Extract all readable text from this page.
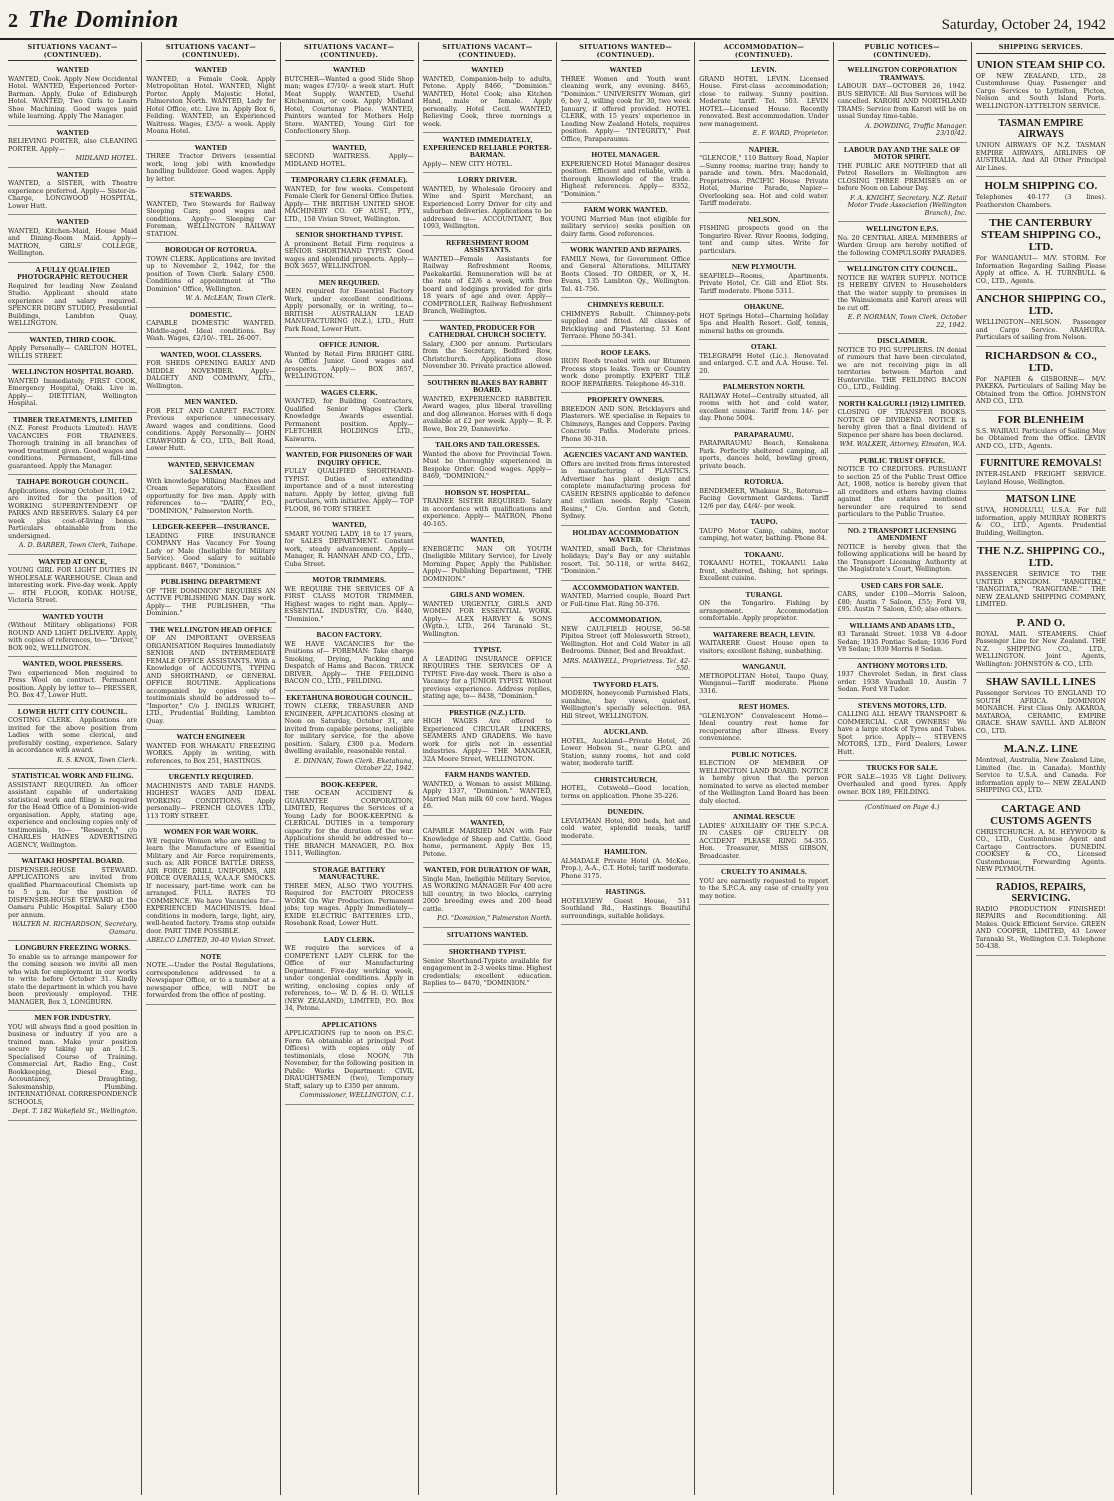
2 The Dominion	Saturday, October 24, 1942
SITUATIONS VACANT—(CONTINUED).
WANTED
WANTED, Cook. Apply New Occidental Hotel. WANTED, Experienced Porter-Barman. Apply, Duke of Edinburgh Hotel. WANTED, Two Girls to Learn Shoe Machining. Good wages paid while learning. Apply The Manager.
WANTED
RELIEVING PORTER, also CLEANING PORTER. Apply—
MIDLAND HOTEL.
WANTED
WANTED, a SISTER, with Theatre experience preferred. Apply— Sister-in-Charge, LONGWOOD HOSPITAL, Lower Hutt.
WANTED
WANTED, Kitchen-Maid, House Maid and Dining-Room Maid. Apply— MATRON, GIRLS' COLLEGE, Wellington.
A FULLY QUALIFIED PHOTOGRAPHIC RETOUCHER
Required for leading New Zealand Studio. Applicant should state experience and salary required. SPENCER DIGBY STUDIO, Presidential Buildings, Lambton Quay, WELLINGTON.
WANTED, THIRD COOK.
Apply Personally— CARLTON HOTEL, WILLIS STREET.
WELLINGTON HOSPITAL BOARD.
WANTED Immediately, FIRST COOK, Emergency Hospital, Otaki. Live in. Apply— DIETITIAN, Wellington Hospital.
TIMBER TREATMENTS, LIMITED
(N.Z. Forest Products Limited). HAVE VACANCIES FOR TRAINEES. Thorough training in all branches of wood treatment given. Good wages and conditions. Permanent, full-time guaranteed. Apply the Manager.
TAIHAPE BOROUGH COUNCIL.
Applications, closing October 31, 1942, are invited for the position of WORKING SUPERINTENDENT OF PARKS AND RESERVES. Salary £4 per week plus cost-of-living bonus. Particulars obtainable from the undersigned.
A. D. BARBER, Town Clerk, Taihape.
WANTED AT ONCE,
YOUNG GIRL FOR LIGHT DUTIES IN WHOLESALE WAREHOUSE. Clean and interesting work. Five-day week. Apply— 8TH FLOOR, KODAK HOUSE, Victoria Street.
WANTED YOUTH
(Without Military obligations) FOR ROUND AND LIGHT DELIVERY. Apply, with copies of references, to— "Driver," BOX 902, WELLINGTON.
WANTED, WOOL PRESSERS.
Two experienced Men required to Press Wool on contract. Permanent position. Apply by letter to— PRESSER, P.O. Box 47, Lower Hutt.
LOWER HUTT CITY COUNCIL.
COSTING CLERK. Applications are invited for the above position from Ladies with some clerical, and preferably costing, experience. Salary in accordance with award.
R. S. KNOX, Town Clerk.
STATISTICAL WORK AND FILING.
ASSISTANT REQUIRED. An officer assistant capable of undertaking statistical work and filing is required for the Head Office of a Dominion-wide organisation. Apply, stating age, experience and enclosing copies only of testimonials, to— "Research," c/o CHARLES HAINES ADVERTISING AGENCY, Wellington.
WAITAKI HOSPITAL BOARD.
DISPENSER-HOUSE STEWARD. APPLICATIONS are invited from qualified Pharmaceutical Chemists up to 5 p.m. for the position of DISPENSER-HOUSE STEWARD at the Oamaru Public Hospital. Salary £500 per annum.
WALTER M. RICHARDSON, Secretary. Oamaru.
LONGBURN FREEZING WORKS.
To enable us to arrange manpower for the coming season we invite all men who wish for employment in our works to write before October 31. Kindly state the department in which you have been previously employed. THE MANAGER, Box 3, LONGBURN.
MEN FOR INDUSTRY.
YOU will always find a good position in business or industry if you are a trained man. Make your position secure by taking up an I.C.S. Specialised Course of Training. Commercial Art, Radio Eng., Cost Bookkeeping, Diesel Eng., Accountancy, Draughting, Salesmanship, Plumbing. INTERNATIONAL CORRESPONDENCE SCHOOLS,
Dept. T. 182 Wakefield St., Wellington.
SITUATIONS VACANT—(CONTINUED).
WANTED
WANTED, a Female Cook. Apply Metropolitan Hotel. WANTED, Night Porter. Apply Majestic Hotel, Palmerston North. WANTED, Lady for Hotel Office, etc. Live in. Apply Box 6, Feilding. WANTED, an Experienced Waitress. Wages, £3/5/- a week. Apply Moana Hotel.
WANTED
THREE Tractor Drivers (essential work, long job) with knowledge handling bulldozer. Good wages. Apply by letter.
STEWARDS.
WANTED, Two Stewards for Railway Sleeping Cars; good wages and conditions. Apply— Sleeping Car Foreman, WELLINGTON RAILWAY STATION.
BOROUGH OF ROTORUA.
TOWN CLERK. Applications are invited up to November 2, 1942, for the position of Town Clerk. Salary £500. Conditions of appointment at "The Dominion" Office, Wellington.
W. A. McLEAN, Town Clerk.
DOMESTIC.
CAPABLE DOMESTIC WANTED. Middle-aged. Ideal conditions. Bay Wash. Wages, £2/10/-. TEL. 26-007.
WANTED, WOOL CLASSERS.
FOR SHEDS OPENING EARLY AND MIDDLE NOVEMBER. Apply— DALGETY AND COMPANY, LTD., Wellington.
MEN WANTED.
FOR FELT AND CARPET FACTORY. Previous experience unnecessary. Award wages and conditions. Good conditions. Apply Personally— JOHN CRAWFORD & CO., LTD., Bell Road, Lower Hutt.
WANTED, SERVICEMAN SALESMAN.
With knowledge Milking Machines and Cream Separators. Excellent opportunity for live man. Apply with references to— "DAIRY," P.O., "DOMINION," Palmerston North.
LEDGER-KEEPER—INSURANCE.
LEADING FIRE INSURANCE COMPANY Has Vacancy For Young Lady or Male (Ineligible for Military Service). Good salary to suitable applicant. 8467, "Dominion."
PUBLISHING DEPARTMENT
OF "THE DOMINION" REQUIRES AN ACTIVE PUBLISHING MAN. Day work. Apply— THE PUBLISHER, "The Dominion."
THE WELLINGTON HEAD OFFICE
OF AN IMPORTANT OVERSEAS ORGANISATION Requires Immediately SENIOR AND INTERMEDIATE FEMALE OFFICE ASSISTANTS. With a Knowledge of ACCOUNTS, TYPING AND SHORTHAND, or GENERAL OFFICE ROUTINE. Applications accompanied by copies only of testimonials should be addressed to— "Importer," C/o J. INGLIS WRIGHT, LTD., Prudential Building, Lambton Quay.
WATCH ENGINEER
WANTED FOR WHAKATU FREEZING WORKS. Apply in writing, with references, to Box 251, HASTINGS.
URGENTLY REQUIRED.
MACHINISTS AND TABLE HANDS. HIGHEST WAGES AND IDEAL WORKING CONDITIONS. Apply personally— FRENCH GLOVES LTD., 113 TORY STREET.
WOMEN FOR WAR WORK.
WE require Women who are willing to learn the Manufacture of Essential Military and Air Force requirements, such as: AIR FORCE BATTLE DRESS, AIR FORCE DRILL UNIFORMS, AIR FORCE OVERALLS, W.A.A.F. SMOCKS. If necessary, part-time work can be arranged. FULL RATES TO COMMENCE. We have Vacancies for— EXPERIENCED MACHINISTS. Ideal conditions in modern, large, light, airy, well-heated factory. Trams stop outside door. PART TIME POSSIBLE.
ABELCO LIMITED, 30-40 Vivian Street.
NOTE
NOTE.—Under the Postal Regulations, correspondence addressed to a Newspaper Office, or to a number at a newspaper office, will NOT be forwarded from the office of posting.
SITUATIONS VACANT—(CONTINUED).
WANTED
BUTCHER—Wanted a good Slide Shop man; wages £7/10/- a week start. Hutt Meat Supply. WANTED, Useful Kitchenman, or cook. Apply Midland Hotel, Courtenay Place. WANTED, Painters wanted for Mothers Help Store. WANTED, Young Girl for Confectionery Shop.
WANTED,
SECOND WAITRESS. Apply— MIDLAND HOTEL.
TEMPORARY CLERK (FEMALE).
WANTED, for few weeks. Competent Female Clerk for General Office Duties. Apply— THE BRITISH UNITED SHOE MACHINERY CO. OF AUST., PTY., LTD., 158 Vivian Street, Wellington.
SENIOR SHORTHAND TYPIST.
A prominent Retail Firm requires a SENIOR SHORTHAND TYPIST. Good wages and splendid prospects. Apply— BOX 3657, WELLINGTON.
MEN REQUIRED.
MEN required for Essential Factory Work, under excellent conditions. Apply personally, or in writing, to— BRITISH AUSTRALIAN LEAD MANUFACTURING (N.Z.), LTD., Hutt Park Road, Lower Hutt.
OFFICE JUNIOR.
Wanted by Retail Firm BRIGHT GIRL As Office Junior. Good wages and prospects. Apply— BOX 3657, WELLINGTON.
WAGES CLERK.
WANTED, for Building Contractors, Qualified Senior Wages Clerk. Knowledge Awards essential. Permanent position. Apply— FLETCHER HOLDINGS LTD., Kaiwarra.
WANTED, FOR PRISONERS OF WAR INQUIRY OFFICE.
FULLY QUALIFIED SHORTHAND-TYPIST. Duties of extending importance and of a most interesting nature. Apply by letter, giving full particulars, with initiative. Apply— TOP FLOOR, 96 TORY STREET.
WANTED,
SMART YOUNG LADY, 18 to 17 years, for SALES DEPARTMENT. Constant work, steady advancement. Apply— Manager, R. HANNAH AND CO., LTD., Cuba Street.
MOTOR TRIMMERS.
WE REQUIRE THE SERVICES OF A FIRST CLASS MOTOR TRIMMER. Highest wages to right man. Apply— ESSENTIAL INDUSTRY, C/o. 8440, "Dominion."
BACON FACTORY.
WE HAVE VACANCIES for the Positions of— FOREMAN: Take charge Smoking, Drying, Packing and Despatch of Hams and Bacon. TRUCK DRIVER. Apply— THE FEILDING BACON CO., LTD., FEILDING.
EKETAHUNA BOROUGH COUNCIL.
TOWN CLERK, TREASURER AND ENGINEER. APPLICATIONS closing at Noon on Saturday, October 31, are invited from capable persons, ineligible for military service, for the above position. Salary, £300 p.a. Modern dwelling available, reasonable rental.
E. DINNAN, Town Clerk. Eketahuna, October 22, 1942.
BOOK-KEEPER.
THE OCEAN ACCIDENT & GUARANTEE CORPORATION, LIMITED, Requires the Services of a Young Lady for BOOK-KEEPING & CLERICAL DUTIES in a temporary capacity for the duration of the war. Applications should be addressed to— THE BRANCH MANAGER, P.O. Box 1511, Wellington.
STORAGE BATTERY MANUFACTURE.
THREE MEN, ALSO TWO YOUTHS. Required for FACTORY PROCESS WORK On War Production. Permanent jobs; top wages. Apply Immediately— EXIDE ELECTRIC BATTERIES LTD., Rosebank Road, Lower Hutt.
LADY CLERK.
WE require the services of a COMPETENT LADY CLERK for the Office of our Manufacturing Department. Five-day working week, under congenial conditions. Apply in writing, enclosing copies only of references, to— W. D. & H. O. WILLS (NEW ZEALAND), LIMITED, P.O. Box 34, Petone.
APPLICATIONS
APPLICATIONS (up to noon on P.S.C. Form 6A obtainable at principal Post Offices) with copies only of testimonials, close NOON, 7th November, for the following position in Public Works Department: CIVIL DRAUGHTSMEN (two), Temporary Staff, salary up to £350 per annum.
Commissioner, WELLINGTON, C.1.
SITUATIONS VACANT—(CONTINUED).
WANTED
WANTED, Companion-help to adults, Petone. Apply 8466, "Dominion." WANTED, Hotel Cook; also Kitchen Hand, male or female. Apply personally. Hotel Cecil. WANTED, Relieving Cook, three mornings a week.
WANTED IMMEDIATELY, EXPERIENCED RELIABLE PORTER-BARMAN.
Apply— NEW CITY HOTEL.
LORRY DRIVER.
WANTED, by Wholesale Grocery and Wine and Spirit Merchant, an Experienced Lorry Driver for city and suburban deliveries. Applications to be addressed to— ACCOUNTANT, Box 1093, Wellington.
REFRESHMENT ROOM ASSISTANTS.
WANTED—Female Assistants for Railway Refreshment Rooms, Paekakariki. Remuneration will be at the rate of £2/6 a week, with free board and lodgings provided for girls 18 years of age and over. Apply— COMPTROLLER, Railway Refreshment Branch, Wellington.
WANTED, PRODUCER FOR CATHEDRAL CHURCH SOCIETY.
Salary, £300 per annum. Particulars from the Secretary, Bedford Row, Christchurch. Applications close November 30. Private practice allowed.
SOUTHERN BLAKES BAY RABBIT BOARD.
WANTED, EXPERIENCED RABBITER. Award wages, plus liberal travelling and dog allowance. Horses with 6 dogs available at £2 per week. Apply— R. F. Rowe, Box 29, Dannevirke.
TAILORS AND TAILORESSES.
Wanted the above for Provincial Town. Must be thoroughly experienced in Bespoke Order. Good wages. Apply— 8469, "DOMINION."
HOBSON ST. HOSPITAL.
TRAINEE SISTER REQUIRED. Salary in accordance with qualifications and experience. Apply— MATRON, Phone 40-165.
WANTED,
ENERGETIC MAN OR YOUTH (Ineligible Military Service), for Lively Morning Paper, Apply the Publisher. Apply— Publishing Department, "THE DOMINION."
GIRLS AND WOMEN.
WANTED URGENTLY, GIRLS AND WOMEN FOR ESSENTIAL WORK. Apply— ALEX HARVEY & SONS (Wgtn.), LTD., 264 Taranaki St., Wellington.
TYPIST.
A LEADING INSURANCE OFFICE REQUIRES THE SERVICES OF A TYPIST. Five-day week. There is also a Vacancy for a JUNIOR TYPIST. Without previous experience. Address replies, stating age, to— 8438, "Dominion."
PRESTIGE (N.Z.) LTD.
HIGH WAGES Are offered to Experienced CIRCULAR LINKERS, SEAMERS AND GRADERS. We have work for girls not in essential industries. Apply— THE MANAGER, 32A Moore Street, WELLINGTON.
FARM HANDS WANTED.
WANTED, a Woman to assist Milking. Apply 1337, "Dominion." WANTED, Married Man milk 60 cow herd. Wages £6.
WANTED,
CAPABLE MARRIED MAN with Fair Knowledge of Sheep and Cattle. Good home, permanent. Apply Box 15, Petone.
WANTED, FOR DURATION OF WAR,
Single Man, Ineligible Military Service, AS WORKING MANAGER For 400 acre hill country, in two blocks, carrying 2000 breeding ewes and 200 head cattle.
P.O. "Dominion," Palmerston North.
SITUATIONS WANTED.
SHORTHAND TYPIST.
Senior Shorthand-Typiste available for engagement in 2-3 weeks time. Highest credentials; excellent education. Replies to— 8470, "DOMINION."
SITUATIONS WANTED—(CONTINUED).
WANTED
THREE Women and Youth want cleaning work, any evening. 8465, "Dominion." UNIVERSITY Woman, girl 6, boy 2, willing cook for 30, two week January, if offered provided. HOTEL CLERK, with 15 years' experience in Leading New Zealand Hotels, requires position. Apply— "INTEGRITY," Post Office, Paraparaumu.
HOTEL MANAGER.
EXPERIENCED Hotel Manager desires position. Efficient and reliable, with a thorough knowledge of the trade. Highest references. Apply— 8352, "Dominion."
FARM WORK WANTED.
YOUNG Married Man (not eligible for military service) seeks position on dairy farm. Good references.
WORK WANTED AND REPAIRS.
FAMILY News, for Government Office and General Alterations. MILITARY Boots Closed. TO ORDER, or X, H. Evans, 135 Lambton Qy., Wellington. Tel. 41-756.
CHIMNEYS REBUILT.
CHIMNEYS Rebuilt. Chimney-pots supplied and fitted. All classes of Bricklaying and Plastering. 53 Kent Terrace. Phone 50-341.
ROOF LEAKS.
IRON Roofs treated with our Bitumen Process stops leaks. Town or Country work done promptly. EXPERT TILE ROOF REPAIRERS. Telephone 46-310.
PROPERTY OWNERS.
BREEDON AND SON. Bricklayers and Plasterers. WE specialise in Repairs to Chimneys, Ranges and Coppers. Paving Concrete Paths. Moderate prices. Phone 30-318.
AGENCIES VACANT AND WANTED.
Offers are invited from firms interested in manufacturing of PLASTICS. Advertiser has plant design and complete manufacturing process for CASEIN RESINS applicable to defence and civilian needs. Reply "Casein Resins," C/o. Gordon and Gotch, Sydney.
HOLIDAY ACCOMMODATION WANTED.
WANTED, small Bach, for Christmas holidays; Day's Bay or any suitable resort. Tel. 50-118, or write 8462, "Dominion."
ACCOMMODATION WANTED.
WANTED, Married couple, Board Part or Full-time Flat. Ring 50-376.
ACCOMMODATION.
NEW CAULFIELD HOUSE, 56-58 Pipitea Street (off Molesworth Street), Wellington. Hot and Cold Water in all Bedrooms. Dinner, Bed and Breakfast.
MRS. MAXWELL, Proprietress. Tel. 42-550.
TWYFORD FLATS.
MODERN, honeycomb Furnished Flats, sunshine, bay views, quietest, Wellington's specially selection. 98A Hill Street, WELLINGTON.
AUCKLAND.
HOTEL, Auckland—Private Hotel, 26 Lower Hobson St., near G.P.O. and Station, sunny rooms, hot and cold water, moderate tariff.
CHRISTCHURCH.
HOTEL, Cotswold—Good location, terms on application. Phone 35-226.
DUNEDIN.
LEVIATHAN Hotel, 800 beds, hot and cold water, splendid meals, tariff moderate.
HAMILTON.
ALMADALE Private Hotel (A. McKee, Prop.), A-A., C.T. Hotel; tariff moderate. Phone 3175.
HASTINGS.
HOTELVIEW Guest House, 511 Southland Rd., Hastings. Beautiful surroundings, suitable holidays.
ACCOMMODATION—(CONTINUED).
LEVIN.
GRAND HOTEL LEVIN. Licensed House. First-class accommodation; close to railway. Sunny position. Moderate tariff. Tel. 503. LEVIN HOTEL—Licensed House. Recently renovated. Best accommodation. Under new management.
E. F. WARD, Proprietor.
NAPIER.
"GLENCOE," 110 Battery Road, Napier—Sunny rooms; marine tray; handy to parade and town. Mrs. Macdonald, Proprietress. PACIFIC House Private Hotel, Marine Parade, Napier—Overlooking sea. Hot and cold water. Tariff moderate.
NELSON.
FISHING prospects good on the Tongariro River. River Rooms, lodging, tent and camp sites. Write for particulars.
NEW PLYMOUTH.
SEAFIELD—Rooms, Apartments. Private Hotel, Cr. Gill and Eliot Sts. Tariff moderate. Phone 5311.
OHAKUNE.
HOT Springs Hotel—Charming holiday Spa and Health Resort. Golf, tennis, mineral baths on grounds.
OTAKI.
TELEGRAPH Hotel (Lic.). Renovated and enlarged. C.T. and A.A. House. Tel. 20.
PALMERSTON NORTH.
RAILWAY Hotel—Centrally situated, all rooms with hot and cold water, excellent cuisine. Tariff from 14/- per day. Phone 5004.
PARAPARAUMU.
PARAPARAUMU Beach, Kenakena Park. Perfectly sheltered camping, all sports, dances held, bowling green, private beach.
ROTORUA.
BENDEMEER, Whakaue St., Rotorua—Facing Government Gardens. Tariff 12/6 per day, £4/4/- per week.
TAUPO.
TAUPO Motor Camp, cabins, motor camping, hot water, bathing. Phone 84.
TOKAANU.
TOKAANU HOTEL, TOKAANU. Lake front, sheltered, fishing, hot springs. Excellent cuisine.
TURANGI.
ON the Tongariro. Fishing by arrangement. Accommodation comfortable. Apply proprietor.
WAITARERE BEACH, LEVIN.
WAITARERE Guest House open to visitors; excellent fishing, sunbathing.
WANGANUI.
METROPOLITAN Hotel, Taupo Quay, Wanganui—Tariff moderate. Phone 3316.
REST HOMES.
"GLENLYON" Convalescent Home—Ideal country rest home for recuperating after illness. Every convenience.
PUBLIC NOTICES.
ELECTION OF MEMBER OF WELLINGTON LAND BOARD. NOTICE is hereby given that the person nominated to serve as elected member of the Wellington Land Board has been duly elected.
ANIMAL RESCUE
LADIES' AUXILIARY OF THE S.P.C.A. IN CASES OF CRUELTY OR ACCIDENT PLEASE RING 54-355. Hon. Treasurer, MISS GIBSON, Broadcaster.
CRUELTY TO ANIMALS.
YOU are earnestly requested to report to the S.P.C.A. any case of cruelty you may notice.
PUBLIC NOTICES—(CONTINUED).
WELLINGTON CORPORATION TRAMWAYS.
LABOUR DAY—OCTOBER 26, 1942. BUS SERVICE: All Bus Services will be cancelled. KARORI AND NORTHLAND TRAMS: Service from Karori will be on usual Sunday time-table.
A. DOWDING, Traffic Manager. 23/10/42.
LABOUR DAY AND THE SALE OF MOTOR SPIRIT.
THE PUBLIC ARE NOTIFIED that all Petrol Resellers in Wellington are CLOSING THREE PREMISES on or before Noon on Labour Day.
F. A. KNIGHT, Secretary. N.Z. Retail Motor Trade Association (Wellington Branch), Inc.
WELLINGTON E.P.S.
No. 20 CENTRAL AREA. MEMBERS of Warden Group are hereby notified of the following COMPULSORY PARADES.
WELLINGTON CITY COUNCIL.
NOTICE RE WATER SUPPLY. NOTICE IS HEREBY GIVEN to Householders that the water supply to premises in the Wainuiomata and Karori areas will be cut off.
E. P. NORMAN, Town Clerk. October 22, 1942.
DISCLAIMER.
NOTICE TO PIG SUPPLIERS. IN denial of rumours that have been circulated, we are not receiving pigs in all territories between Marton and Hunterville. THE FEILDING BACON CO., LTD., Feilding.
NORTH KALGURLI (1912) LIMITED.
CLOSING OF TRANSFER BOOKS. NOTICE OF DIVIDEND. NOTICE is hereby given that a final dividend of Sixpence per share has been declared.
WM. WALKER, Attorney. Elmaton, W.A.
PUBLIC TRUST OFFICE.
NOTICE TO CREDITORS. PURSUANT to section 25 of the Public Trust Office Act, 1908, notice is hereby given that all creditors and others having claims against the estates mentioned hereunder are required to send particulars to the Public Trustee.
NO. 2 TRANSPORT LICENSING AMENDMENT
NOTICE is hereby given that the following applications will be heard by the Transport Licensing Authority at the Magistrate's Court, Wellington.
USED CARS FOR SALE.
CARS, under £100—Morris Saloon, £80; Austin 7 Saloon, £55; Ford V8, £95. Austin 7 Saloon, £50; also others.
WILLIAMS AND ADAMS LTD.,
83 Taranaki Street. 1938 V8 4-door Sedan; 1935 Pontiac Sedan; 1936 Ford V8 Sedan; 1939 Morris 8 Sedan.
ANTHONY MOTORS LTD.
1937 Chevrolet Sedan, in first class order. 1938 Vauxhall 10. Austin 7 Sedan. Ford V8 Tudor.
STEVENS MOTORS, LTD.
CALLING ALL HEAVY TRANSPORT & COMMERCIAL CAR OWNERS! We have a large stock of Tyres and Tubes. Spot price. Apply— STEVENS MOTORS, LTD., Ford Dealers, Lower Hutt.
TRUCKS FOR SALE.
FOR SALE—1935 V8 Light Delivery. Overhauled and good tyres. Apply owner. BOX 189, FEILDING.
(Continued on Page 4.)
SHIPPING SERVICES.
UNION STEAM SHIP CO.
OF NEW ZEALAND, LTD., 28 Customhouse Quay. Passenger and Cargo Services to Lyttelton, Picton, Nelson and South Island Ports. WELLINGTON-LYTTELTON SERVICE.
TASMAN EMPIRE AIRWAYS
UNION AIRWAYS OF N.Z. TASMAN EMPIRE AIRWAYS, AIRLINES OF AUSTRALIA. And All Other Principal Air Lines.
HOLM SHIPPING CO.
Telephones 40-177 (3 lines). Featherston Chambers.
THE CANTERBURY STEAM SHIPPING CO., LTD.
For WANGANUI— M/V. STORM. For Information Regarding Sailing Please Apply at office. A. H. TURNBULL & CO., LTD., Agents.
ANCHOR SHIPPING CO., LTD.
WELLINGTON—NELSON. Passenger and Cargo Service. ARAHURA. Particulars of sailing from Nelson.
RICHARDSON & CO., LTD.
For NAPIER & GISBORNE— M/V. PAKEKA. Particulars of Sailing May be Obtained from the Office. JOHNSTON AND CO., LTD.
FOR BLENHEIM
S.S. WAIRAU. Particulars of Sailing May be Obtained from the Office. LEVIN AND CO., LTD., Agents.
FURNITURE REMOVALS!
INTER-ISLAND FREIGHT SERVICE. Leyland House, Wellington.
MATSON LINE
SUVA, HONOLULU, U.S.A. For full information, apply MURRAY ROBERTS & CO., LTD., Agents. Prudential Building, Wellington.
THE N.Z. SHIPPING CO., LTD.
PASSENGER SERVICE TO THE UNITED KINGDOM. "RANGITIKI," "RANGITATA," "RANGITANE." THE NEW ZEALAND SHIPPING COMPANY, LIMITED.
P. AND O.
ROYAL MAIL STEAMERS. Chief Passenger Line for New Zealand. THE N.Z. SHIPPING CO., LTD., WELLINGTON. Joint Agents, Wellington: JOHNSTON & CO., LTD.
SHAW SAVILL LINES
Passenger Services TO ENGLAND TO SOUTH AFRICA. DOMINION MONARCH. First Class Only. AKAROA, MATAROA, CERAMIC, EMPIRE GRACE. SHAW SAVILL AND ALBION CO., LTD.
M.A.N.Z. LINE
Montreal, Australia, New Zealand Line, Limited (Inc. in Canada). Monthly Service to U.S.A. and Canada. For information apply to— NEW ZEALAND SHIPPING CO., LTD.
CARTAGE AND CUSTOMS AGENTS
CHRISTCHURCH. A. M. HEYWOOD & CO., LTD., Customhouse Agent and Cartage Contractors. DUNEDIN. COOKSEY & CO., Licensed Customhouse, Forwarding Agents. NEW PLYMOUTH.
RADIOS, REPAIRS, SERVICING.
RADIO PRODUCTION FINISHED! REPAIRS and Reconditioning. All Makes. Quick Efficient Service. GREEN AND COOPER, LIMITED, 43 Lower Taranaki St., Wellington C.3. Telephone 50-438.
